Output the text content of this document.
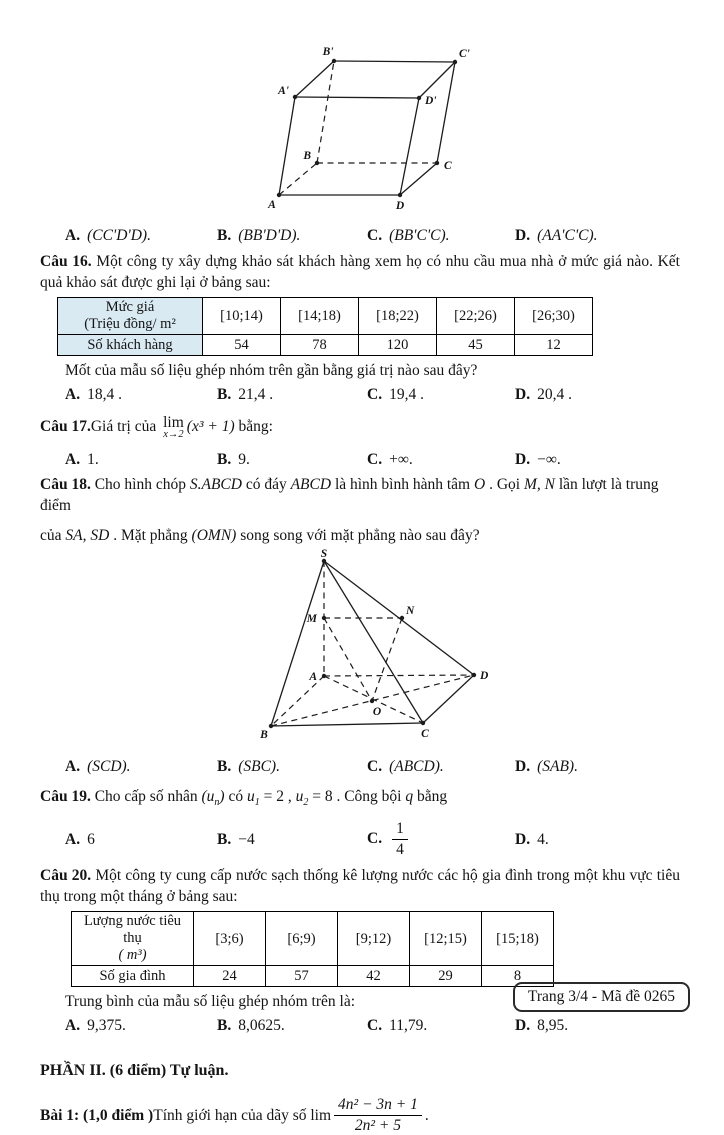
B'	C'
A'
D'
B
C
A	D
A. (CC'D'D).	B. (BB'D'D).	C. (BB'C'C).	D. (AA'C'C).

Câu 16. Một công ty xây dựng khảo sát khách hàng xem họ có nhu cầu mua nhà ở mức giá nào. Kết quả khảo sát được ghi lại ở bảng sau:

Mức giá
(Triệu đồng/ m²	[10;14)	[14;18)	[18;22)	[22;26)	[26;30)
Số khách hàng	54	78	120	45	12
Mốt của mẫu số liệu ghép nhóm trên gần bằng giá trị nào sau đây?
A. 18,4 .	B. 21,4 .	C. 19,4 .	D. 20,4 .
Câu 17. Giá trị của
lim
x→2 (x³ + 1)
bằng:
A. 1.	B. 9.	C. +∞.	D. −∞.
Câu 18. Cho hình chóp S.ABCD có đáy ABCD là hình bình hành tâm O . Gọi M, N lần lượt là trung điểm
của SA, SD . Mặt phẳng (OMN) song song với mặt phẳng nào sau đây?
S
M
N
A	D
B	C
O
A. (SCD).	B. (SBC).	C. (ABCD).	D. (SAB).
Câu 19. Cho cấp số nhân $(u_n)$ có $u_1 = 2$ , $u_2 = 8$ . Công bội q bằng
A. 6	B. −4	C. $\frac{1}{4}$	D. 4.

Câu 20. Một công ty cung cấp nước sạch thống kê lượng nước các hộ gia đình trong một khu vực tiêu thụ trong một tháng ở bảng sau:

Lượng nước tiêu thụ
( m³)	[3;6)	[6;9)	[9;12)	[12;15)	[15;18)
Số gia đình	24	57	42	29	8
Trung bình của mẫu số liệu ghép nhóm trên là:
A. 9,375.	B. 8,0625.	C. 11,79.	D. 8,95.
PHẦN II. (6 điểm) Tự luận.
Bài 1: (1,0 điểm ) Tính giới hạn của dãy số
$\lim \frac{\text{4n² − 3n + 1}}{\text{2n² + 5}}$ .
Trang 3/4 - Mã đề 0265
